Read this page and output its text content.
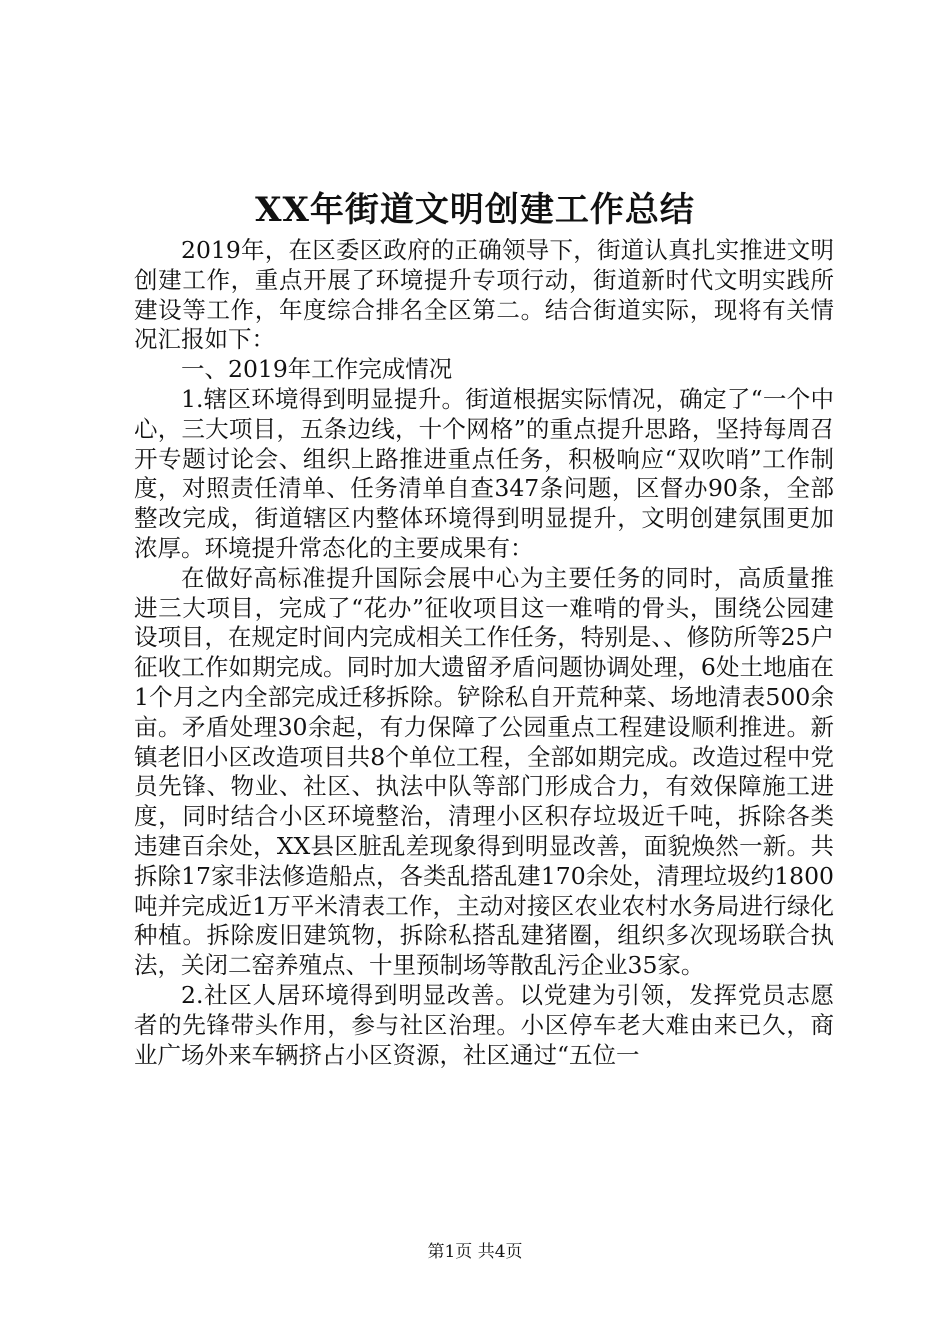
XX年街道文明创建工作总结

2019年，在区委区政府的正确领导下，街道认真扎实推进文明创建工作，重点开展了环境提升专项行动，街道新时代文明实践所建设等工作，年度综合排名全区第二。结合街道实际，现将有关情况汇报如下：

一、2019年工作完成情况

1.辖区环境得到明显提升。街道根据实际情况，确定了“一个中心，三大项目，五条边线，十个网格”的重点提升思路，坚持每周召开专题讨论会、组织上路推进重点任务，积极响应“双吹哨”工作制度，对照责任清单、任务清单自查347条问题，区督办90条，全部整改完成，街道辖区内整体环境得到明显提升，文明创建氛围更加浓厚。环境提升常态化的主要成果有：

在做好高标准提升国际会展中心为主要任务的同时，高质量推进三大项目，完成了“花办”征收项目这一难啃的骨头，围绕公园建设项目，在规定时间内完成相关工作任务，特别是、、修防所等25户征收工作如期完成。同时加大遗留矛盾问题协调处理，6处土地庙在1个月之内全部完成迁移拆除。铲除私自开荒种菜、场地清表500余亩。矛盾处理30余起，有力保障了公园重点工程建设顺利推进。新镇老旧小区改造项目共8个单位工程，全部如期完成。改造过程中党员先锋、物业、社区、执法中队等部门形成合力，有效保障施工进度，同时结合小区环境整治，清理小区积存垃圾近千吨，拆除各类违建百余处，XX县区脏乱差现象得到明显改善，面貌焕然一新。共拆除17家非法修造船点，各类乱搭乱建170余处，清理垃圾约1800吨并完成近1万平米清表工作，主动对接区农业农村水务局进行绿化种植。拆除废旧建筑物，拆除私搭乱建猪圈，组织多次现场联合执法，关闭二窑养殖点、十里预制场等散乱污企业35家。

2.社区人居环境得到明显改善。以党建为引领，发挥党员志愿者的先锋带头作用，参与社区治理。小区停车老大难由来已久，商业广场外来车辆挤占小区资源，社区通过“五位一

第1页 共4页
